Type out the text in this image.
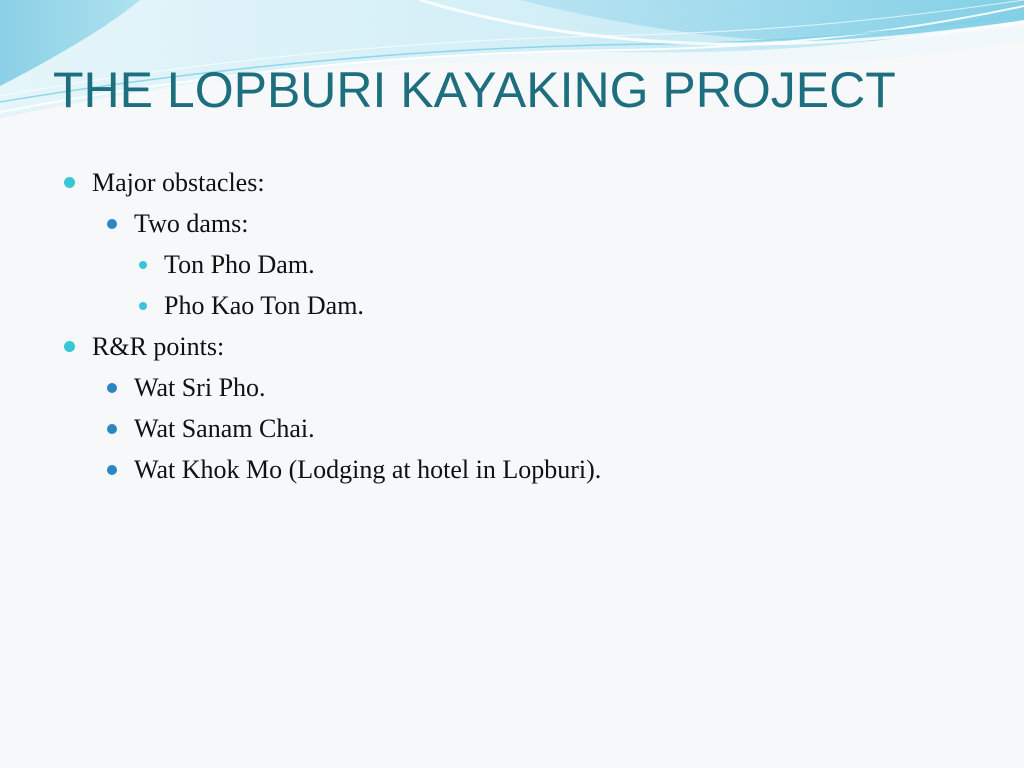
THE LOPBURI KAYAKING PROJECT
Major obstacles:
Two dams:
Ton Pho Dam.
Pho Kao Ton Dam.
R&R points:
Wat Sri Pho.
Wat Sanam Chai.
Wat Khok Mo (Lodging at hotel in Lopburi).
